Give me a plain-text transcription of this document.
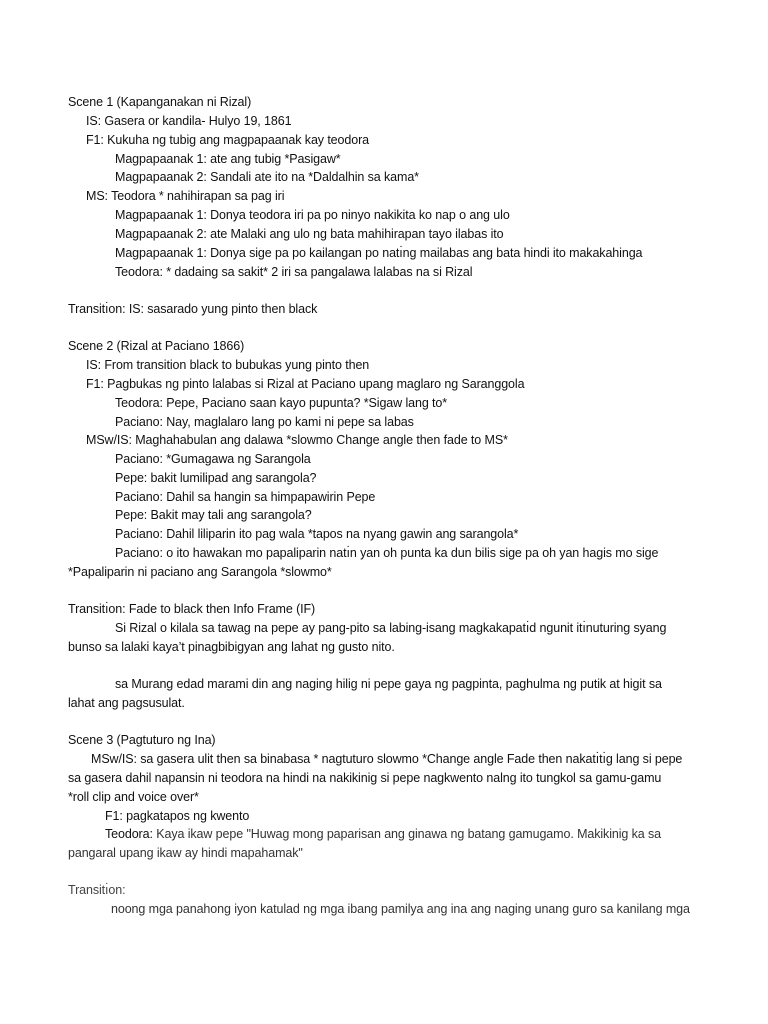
Scene 1 (Kapanganakan ni Rizal)
IS: Gasera or kandila- Hulyo 19, 1861
F1: Kukuha ng tubig ang magpapaanak kay teodora
Magpapaanak 1: ate ang tubig *Pasigaw*
Magpapaanak 2: Sandali ate ito na *Daldalhin sa kama*
MS: Teodora * nahihirapan sa pag iri
Magpapaanak 1: Donya teodora iri pa po ninyo nakikita ko nap o ang ulo
Magpapaanak 2: ate Malaki ang ulo ng bata mahihirapan tayo ilabas ito
Magpapaanak 1: Donya sige pa po kailangan po natı̇ng mailabas ang bata hindi ito makakahinga
Teodora: * dadaing sa sakit* 2 iri sa pangalawa lalabas na si Rizal
Transitı̇on: IS: sasarado yung pinto then black
Scene 2 (Rizal at Paciano 1866)
IS: From transition black to bubukas yung pinto then
F1: Pagbukas ng pinto lalabas si Rizal at Paciano upang maglaro ng Saranggola
Teodora: Pepe, Paciano saan kayo pupunta? *Sigaw lang to*
Paciano: Nay, maglalaro lang po kami ni pepe sa labas
MSw/IS: Maghahabulan ang dalawa *slowmo Change angle then fade to MS*
Paciano: *Gumagawa ng Sarangola
Pepe: bakit lumilipad ang sarangola?
Paciano: Dahil sa hangin sa himpapawirin Pepe
Pepe: Bakit may tali ang sarangola?
Paciano: Dahil liliparin ito pag wala *tapos na nyang gawin ang sarangola*
Paciano: o ito hawakan mo papaliparin natı̇n yan oh punta ka dun bilis sige pa oh yan hagis mo sige
*Papaliparin ni paciano ang Sarangola *slowmo*
Transitı̇on: Fade to black then Info Frame (IF)
Si Rizal o kilala sa tawag na pepe ay pang-pito sa labing-isang magkakapatı̇d ngunit itı̇nuturing syang
bunso sa lalaki kaya’t pinagbibigyan ang lahat ng gusto nito.
sa Murang edad marami din ang naging hilig ni pepe gaya ng pagpinta, paghulma ng putik at higit sa
lahat ang pagsusulat.
Scene 3 (Pagtuturo ng Ina)
MSw/IS: sa gasera ulit then sa binabasa * nagtuturo slowmo *Change angle Fade then nakatı̇tı̇g lang si pepe
sa gasera dahil napansin ni teodora na hindi na nakikinig si pepe nagkwento nalng ito tungkol sa gamu-gamu
*roll clip and voice over*
F1: pagkatapos ng kwento
Teodora: Kaya ikaw pepe "Huwag mong paparisan ang ginawa ng batang gamugamo. Makikinig ka sa
pangaral upang ikaw ay hindi mapahamak"
Transitı̇on:
noong mga panahong iyon katulad ng mga ibang pamilya ang ina ang naging unang guro sa kanilang mga
